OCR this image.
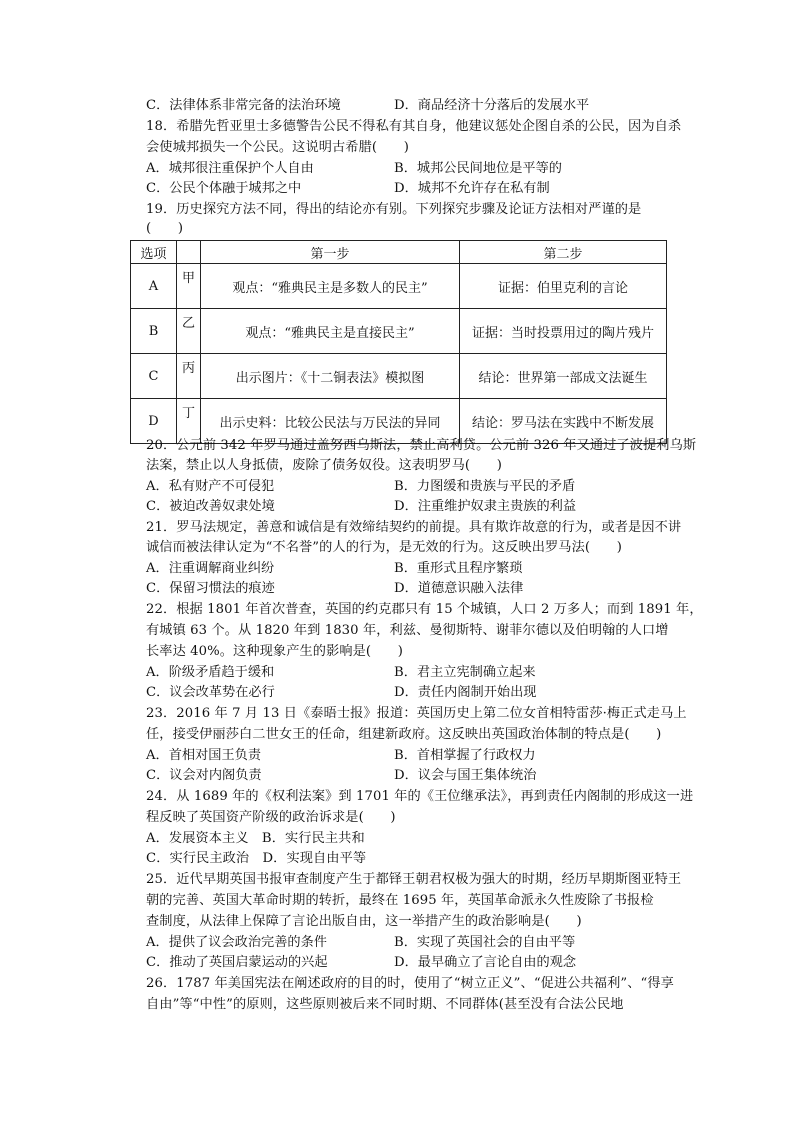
C．法律体系非常完备的法治环境	D．商品经济十分落后的发展水平
18．希腊先哲亚里士多德警告公民不得私有其自身，他建议惩处企图自杀的公民，因为自杀
会使城邦损失一个公民。这说明古希腊(　　)
A．城邦很注重保护个人自由	B．城邦公民间地位是平等的
C．公民个体融于城邦之中	D．城邦不允许存在私有制
19．历史探究方法不同，得出的结论亦有别。下列探究步骤及论证方法相对严谨的是
(　　)
选项		第一步	第二步
A	甲	观点：“雅典民主是多数人的民主”	证据：伯里克利的言论
B	乙	观点：“雅典民主是直接民主”	证据：当时投票用过的陶片残片
C	丙	出示图片：《十二铜表法》模拟图	结论：世界第一部成文法诞生
D	丁	出示史料：比较公民法与万民法的异同	结论：罗马法在实践中不断发展
20．公元前 342 年罗马通过盖努西乌斯法，禁止高利贷。公元前 326 年又通过了波提利乌斯
法案，禁止以人身抵债，废除了债务奴役。这表明罗马(　　)
A．私有财产不可侵犯	B．力图缓和贵族与平民的矛盾
C．被迫改善奴隶处境	D．注重维护奴隶主贵族的利益
21．罗马法规定，善意和诚信是有效缔结契约的前提。具有欺诈故意的行为，或者是因不讲
诚信而被法律认定为“不名誉”的人的行为，是无效的行为。这反映出罗马法(　　)
A．注重调解商业纠纷	B．重形式且程序繁琐
C．保留习惯法的痕迹	D．道德意识融入法律
22．根据 1801 年首次普查，英国的约克郡只有 15 个城镇，人口 2 万多人；而到 1891 年，
有城镇 63 个。从 1820 年到 1830 年，利兹、曼彻斯特、谢菲尔德以及伯明翰的人口增
长率达 40%。这种现象产生的影响是(　　)
A．阶级矛盾趋于缓和	B．君主立宪制确立起来
C．议会改革势在必行	D．责任内阁制开始出现
23．2016 年 7 月 13 日《泰晤士报》报道：英国历史上第二位女首相特雷莎·梅正式走马上
任，接受伊丽莎白二世女王的任命，组建新政府。这反映出英国政治体制的特点是(　　)
A．首相对国王负责	B．首相掌握了行政权力
C．议会对内阁负责	D．议会与国王集体统治
24．从 1689 年的《权利法案》到 1701 年的《王位继承法》，再到责任内阁制的形成这一进
程反映了英国资产阶级的政治诉求是(　　)
A．发展资本主义　B．实行民主共和
C．实行民主政治　D．实现自由平等
25．近代早期英国书报审查制度产生于都铎王朝君权极为强大的时期，经历早期斯图亚特王
朝的完善、英国大革命时期的转折，最终在 1695 年，英国革命派永久性废除了书报检
查制度，从法律上保障了言论出版自由，这一举措产生的政治影响是(　　)
A．提供了议会政治完善的条件	B．实现了英国社会的自由平等
C．推动了英国启蒙运动的兴起	D．最早确立了言论自由的观念
26．1787 年美国宪法在阐述政府的目的时，使用了“树立正义”、“促进公共福利”、“得享
自由”等“中性”的原则，这些原则被后来不同时期、不同群体(甚至没有合法公民地
